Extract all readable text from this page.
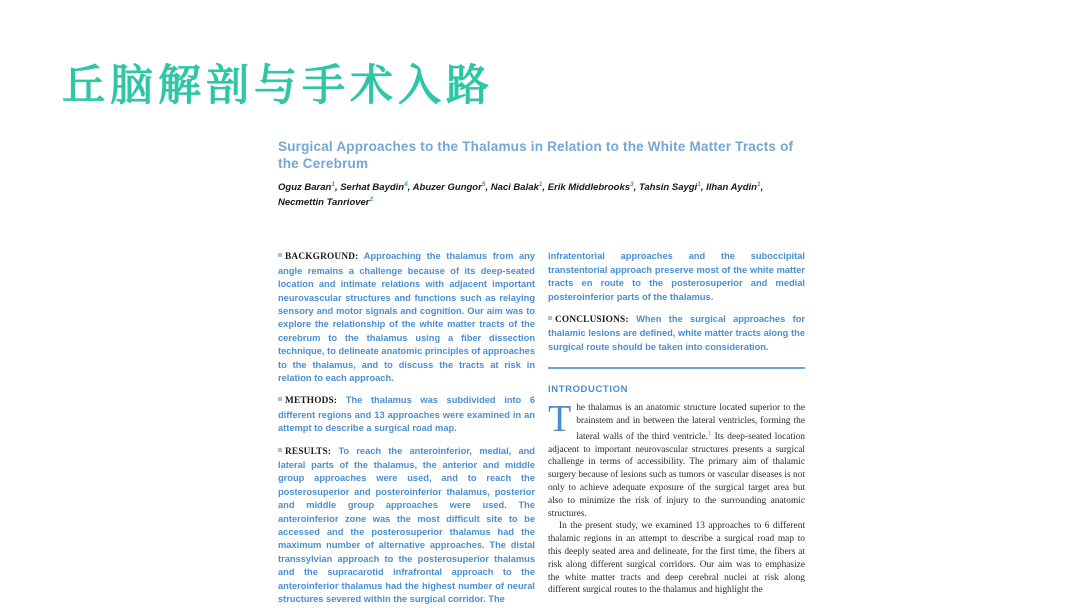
丘脑解剖与手术入路
Surgical Approaches to the Thalamus in Relation to the White Matter Tracts of the Cerebrum

Oguz Baran$^1$, Serhat Baydin$^4$, Abuzer Gungor$^5$, Naci Balak$^1$, Erik Middlebrooks$^3$, Tahsin Saygi$^1$, Ilhan Aydin$^1$, Necmettin Tanriover$^2$

BACKGROUND: Approaching the thalamus from any angle remains a challenge because of its deep-seated location and intimate relations with adjacent important neurovascular structures and functions such as relaying sensory and motor signals and cognition. Our aim was to explore the relationship of the white matter tracts of the cerebrum to the thalamus using a fiber dissection technique, to delineate anatomic principles of approaches to the thalamus, and to discuss the tracts at risk in relation to each approach.

METHODS: The thalamus was subdivided into 6 different regions and 13 approaches were examined in an attempt to describe a surgical road map.

RESULTS: To reach the anteroinferior, medial, and lateral parts of the thalamus, the anterior and middle group approaches were used, and to reach the posterosuperior and posteroinferior thalamus, posterior and middle group approaches were used. The anteroinferior zone was the most difficult site to be accessed and the posterosuperior thalamus had the maximum number of alternative approaches. The distal transsylvian approach to the posterosuperior thalamus and the supracarotid infrafrontal approach to the anteroinferior thalamus had the highest number of neural structures severed within the surgical corridor. The

infratentorial approaches and the suboccipital transtentorial approach preserve most of the white matter tracts en route to the posterosuperior and medial posteroinferior parts of the thalamus.

CONCLUSIONS: When the surgical approaches for thalamic lesions are defined, white matter tracts along the surgical route should be taken into consideration.

INTRODUCTION

The thalamus is an anatomic structure located superior to the brainstem and in between the lateral ventricles, forming the lateral walls of the third ventricle.$^1$ Its deep-seated location adjacent to important neurovascular structures presents a surgical challenge in terms of accessibility. The primary aim of thalamic surgery because of lesions such as tumors or vascular diseases is not only to achieve adequate exposure of the surgical target area but also to minimize the risk of injury to the surrounding anatomic structures.

In the present study, we examined 13 approaches to 6 different thalamic regions in an attempt to describe a surgical road map to this deeply seated area and delineate, for the first time, the fibers at risk along different surgical corridors. Our aim was to emphasize the white matter tracts and deep cerebral nuclei at risk along different surgical routes to the thalamus and highlight the
